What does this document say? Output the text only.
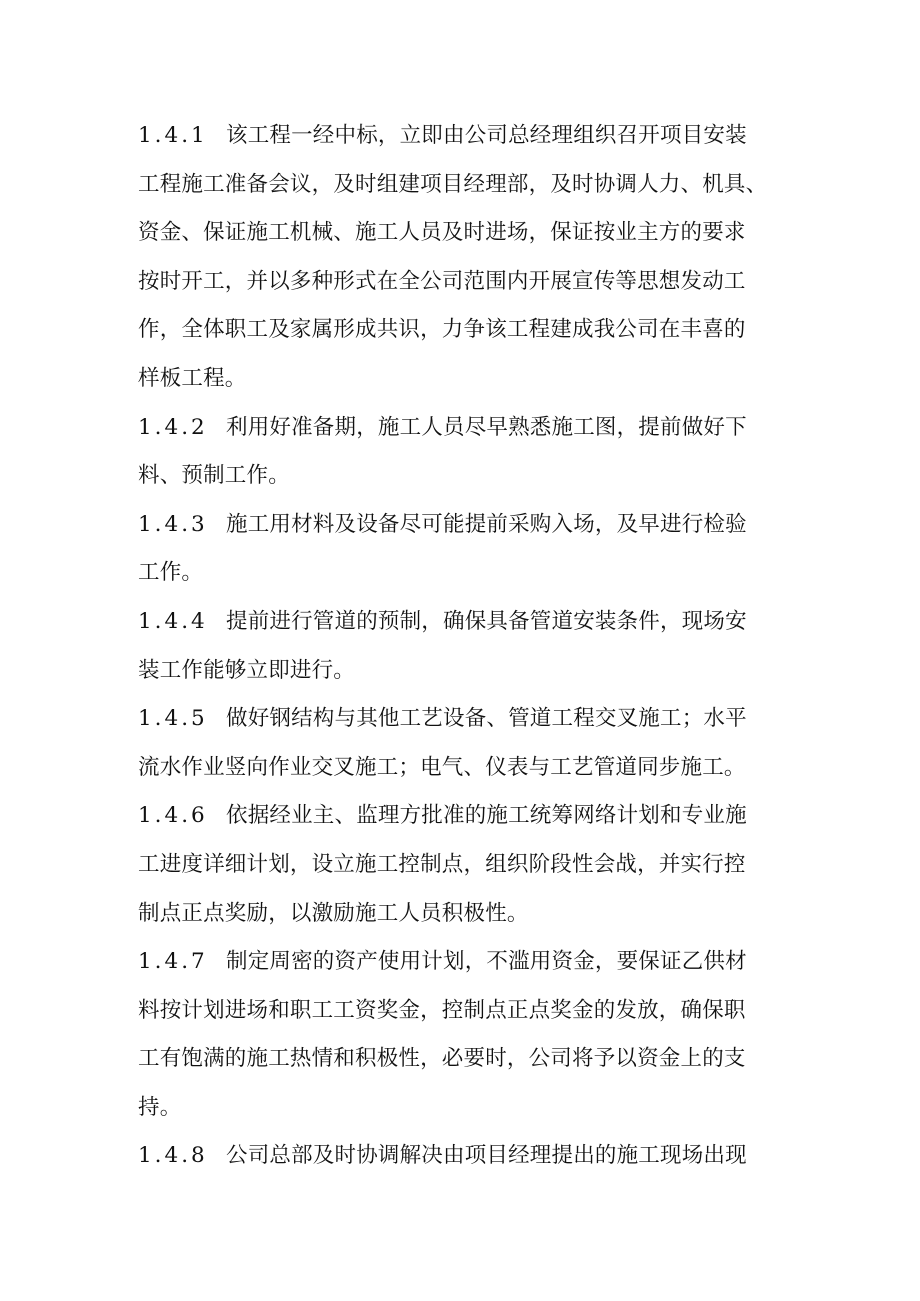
1.4.1 该工程一经中标，立即由公司总经理组织召开项目安装
工程施工准备会议，及时组建项目经理部，及时协调人力、机具、
资金、保证施工机械、施工人员及时进场，保证按业主方的要求
按时开工，并以多种形式在全公司范围内开展宣传等思想发动工
作，全体职工及家属形成共识，力争该工程建成我公司在丰喜的
样板工程。
1.4.2 利用好准备期，施工人员尽早熟悉施工图，提前做好下
料、预制工作。
1.4.3 施工用材料及设备尽可能提前采购入场，及早进行检验
工作。
1.4.4 提前进行管道的预制，确保具备管道安装条件，现场安
装工作能够立即进行。
1.4.5 做好钢结构与其他工艺设备、管道工程交叉施工；水平
流水作业竖向作业交叉施工；电气、仪表与工艺管道同步施工。
1.4.6 依据经业主、监理方批准的施工统筹网络计划和专业施
工进度详细计划，设立施工控制点，组织阶段性会战，并实行控
制点正点奖励，以激励施工人员积极性。
1.4.7 制定周密的资产使用计划，不滥用资金，要保证乙供材
料按计划进场和职工工资奖金，控制点正点奖金的发放，确保职
工有饱满的施工热情和积极性，必要时，公司将予以资金上的支
持。
1.4.8 公司总部及时协调解决由项目经理提出的施工现场出现
